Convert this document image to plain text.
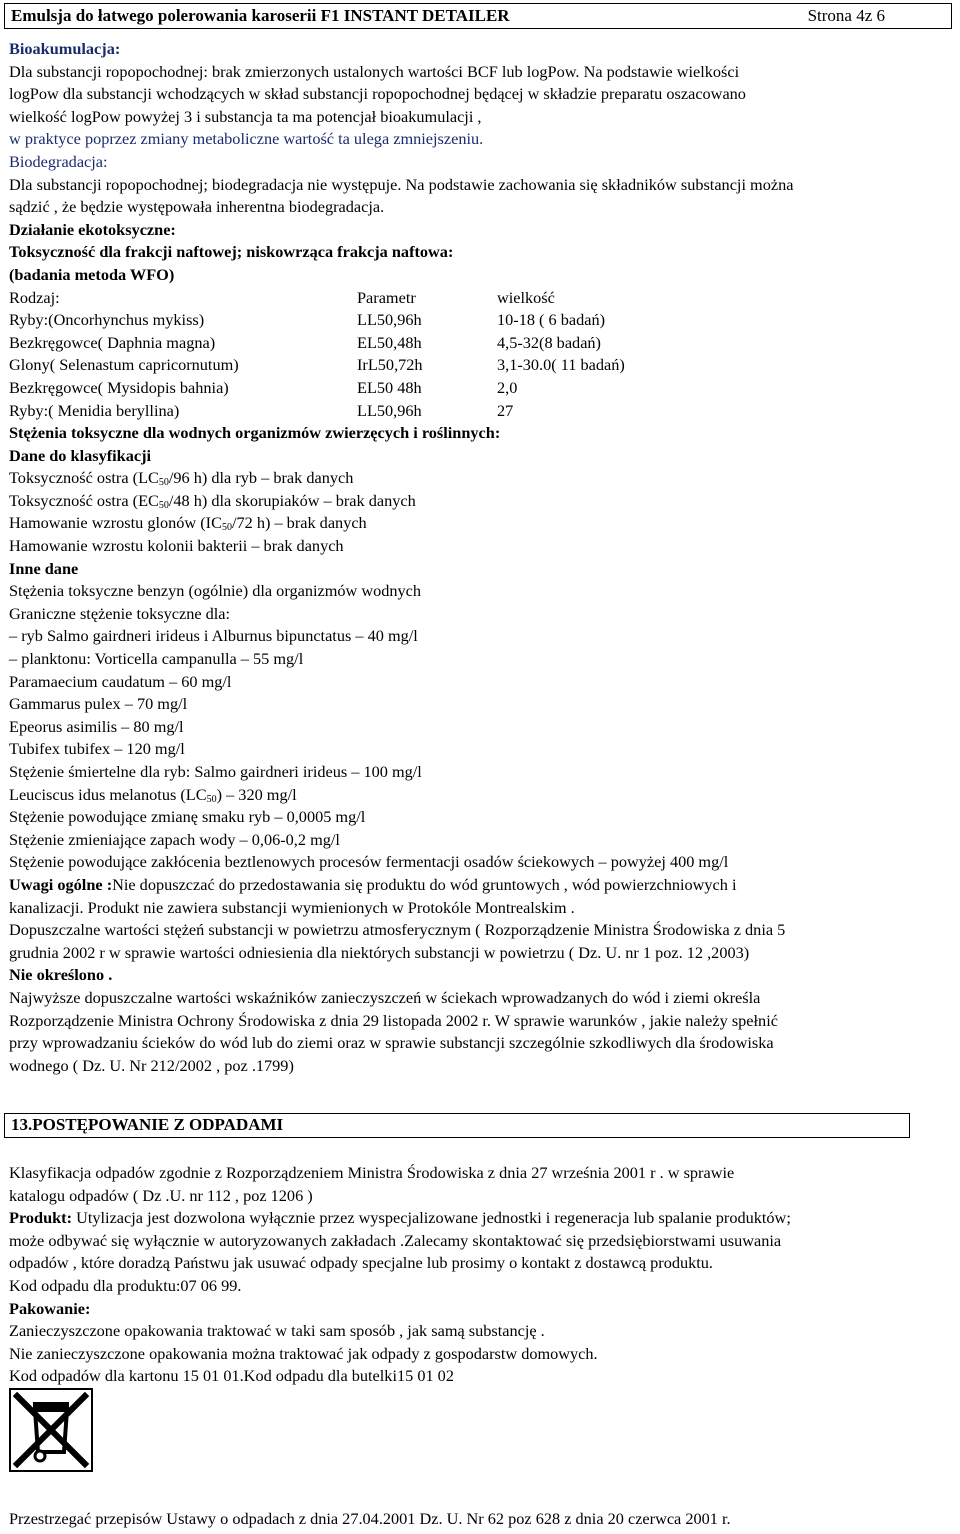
Emulsja do łatwego polerowania karoserii F1 INSTANT DETAILER	Strona 4z 6

Bioakumulacja:

Dla substancji ropopochodnej: brak zmierzonych ustalonych wartości BCF lub logPow. Na podstawie wielkości

logPow dla substancji wchodzących w skład substancji ropopochodnej będącej w składzie preparatu oszacowano

wielkość logPow powyżej 3 i substancja ta ma potencjał bioakumulacji ,

w praktyce poprzez zmiany metaboliczne wartość ta ulega zmniejszeniu.

Biodegradacja:

Dla substancji ropopochodnej; biodegradacja nie występuje. Na podstawie zachowania się składników substancji można

sądzić , że będzie występowała inherentna biodegradacja.

Działanie ekotoksyczne:

Toksyczność dla frakcji naftowej; niskowrząca frakcja naftowa:

(badania metoda WFO)

Rodzaj:	Parametr	wielkość
Ryby:(Oncorhynchus mykiss)	LL50,96h	10-18 ( 6 badań)
Bezkręgowce( Daphnia magna)	EL50,48h	4,5-32(8 badań)
Glony( Selenastum capricornutum)	IrL50,72h	3,1-30.0( 11 badań)
Bezkręgowce( Mysidopis bahnia)	EL50 48h	2,0
Ryby:( Menidia beryllina)	LL50,96h	27

Stężenia toksyczne dla wodnych organizmów zwierzęcych i roślinnych:

Dane do klasyfikacji

Toksyczność ostra ($LC_{50}/96$ h) dla ryb – brak danych

Toksyczność ostra ($EC_{50}/48$ h) dla skorupiaków – brak danych

Hamowanie wzrostu glonów ($IC_{50}/72$ h) – brak danych

Hamowanie wzrostu kolonii bakterii – brak danych

Inne dane

Stężenia toksyczne benzyn (ogólnie) dla organizmów wodnych

Graniczne stężenie toksyczne dla:

– ryb Salmo gairdneri irideus i Alburnus bipunctatus – 40 mg/l

– planktonu: Vorticella campanulla – 55 mg/l

Paramaecium caudatum – 60 mg/l

Gammarus pulex – 70 mg/l

Epeorus asimilis – 80 mg/l

Tubifex tubifex – 120 mg/l

Stężenie śmiertelne dla ryb: Salmo gairdneri irideus – 100 mg/l

Leuciscus idus melanotus $(LC_{50}) - 320$ mg/l

Stężenie powodujące zmianę smaku ryb – 0,0005 mg/l

Stężenie zmieniające zapach wody – 0,06-0,2 mg/l

Stężenie powodujące zakłócenia beztlenowych procesów fermentacji osadów ściekowych – powyżej 400 mg/l

Uwagi ogólne :Nie dopuszczać do przedostawania się produktu do wód gruntowych , wód powierzchniowych i

kanalizacji. Produkt nie zawiera substancji wymienionych w Protokóle Montrealskim .

Dopuszczalne wartości stężeń substancji w powietrzu atmosferycznym ( Rozporządzenie Ministra Środowiska z dnia 5

grudnia 2002 r w sprawie wartości odniesienia dla niektórych substancji w powietrzu ( Dz. U. nr 1 poz. 12 ,2003)

Nie określono .

Najwyższe dopuszczalne wartości wskaźników zanieczyszczeń w ściekach wprowadzanych do wód i ziemi określa

Rozporządzenie Ministra Ochrony Środowiska z dnia 29 listopada 2002 r. W sprawie warunków , jakie należy spełnić

przy wprowadzaniu ścieków do wód lub do ziemi oraz w sprawie substancji szczególnie szkodliwych dla środowiska

wodnego ( Dz. U. Nr 212/2002 , poz .1799)

13.POSTĘPOWANIE Z ODPADAMI

Klasyfikacja odpadów zgodnie z Rozporządzeniem Ministra Środowiska z dnia 27 września 2001 r . w sprawie

katalogu odpadów ( Dz .U. nr 112 , poz 1206 )

Produkt: Utylizacja jest dozwolona wyłącznie przez wyspecjalizowane jednostki i regeneracja lub spalanie produktów;

może odbywać się wyłącznie w autoryzowanych zakładach .Zalecamy skontaktować się przedsiębiorstwami usuwania

odpadów , które doradzą Państwu jak usuwać odpady specjalne lub prosimy o kontakt z dostawcą produktu.

Kod odpadu dla produktu:07 06 99.

Pakowanie:

Zanieczyszczone opakowania traktować w taki sam sposób , jak samą substancję .

Nie zanieczyszczone opakowania można traktować jak odpady z gospodarstw domowych.

Kod odpadów dla kartonu 15 01 01.Kod odpadu dla butelki15 01 02

Przestrzegać przepisów Ustawy o odpadach z dnia 27.04.2001 Dz. U. Nr 62 poz 628 z dnia 20 czerwca 2001 r.
